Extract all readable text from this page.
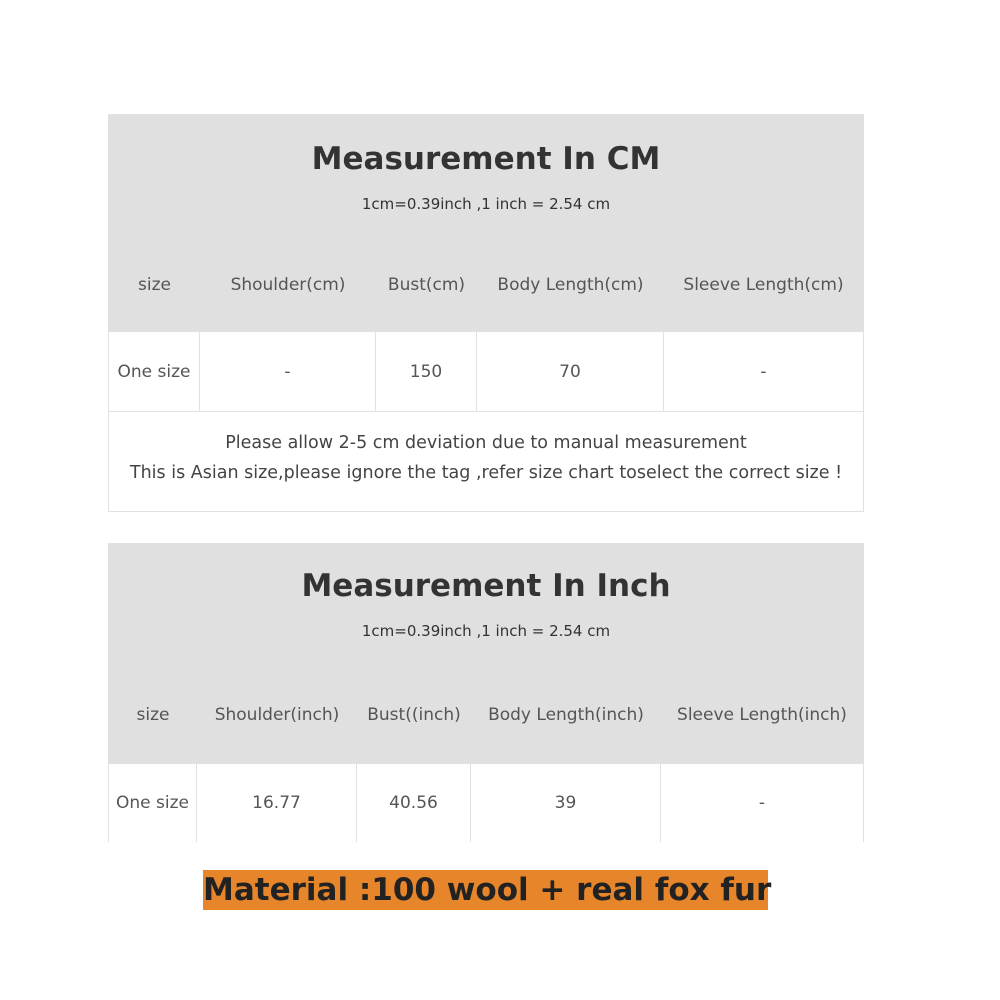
Measurement In CM
1cm=0.39inch ,1 inch = 2.54 cm
size	Shoulder(cm)	Bust(cm)	Body Length(cm)	Sleeve Length(cm)
One size	-	150	70	-
Please allow 2-5 cm deviation due to manual measurement
This is Asian size,please ignore the tag ,refer size chart toselect the correct size !
Measurement In Inch
1cm=0.39inch ,1 inch = 2.54 cm
size	Shoulder(inch)	Bust((inch)	Body Length(inch)	Sleeve Length(inch)
One size	16.77	40.56	39	-
Material :100 wool + real fox fur
